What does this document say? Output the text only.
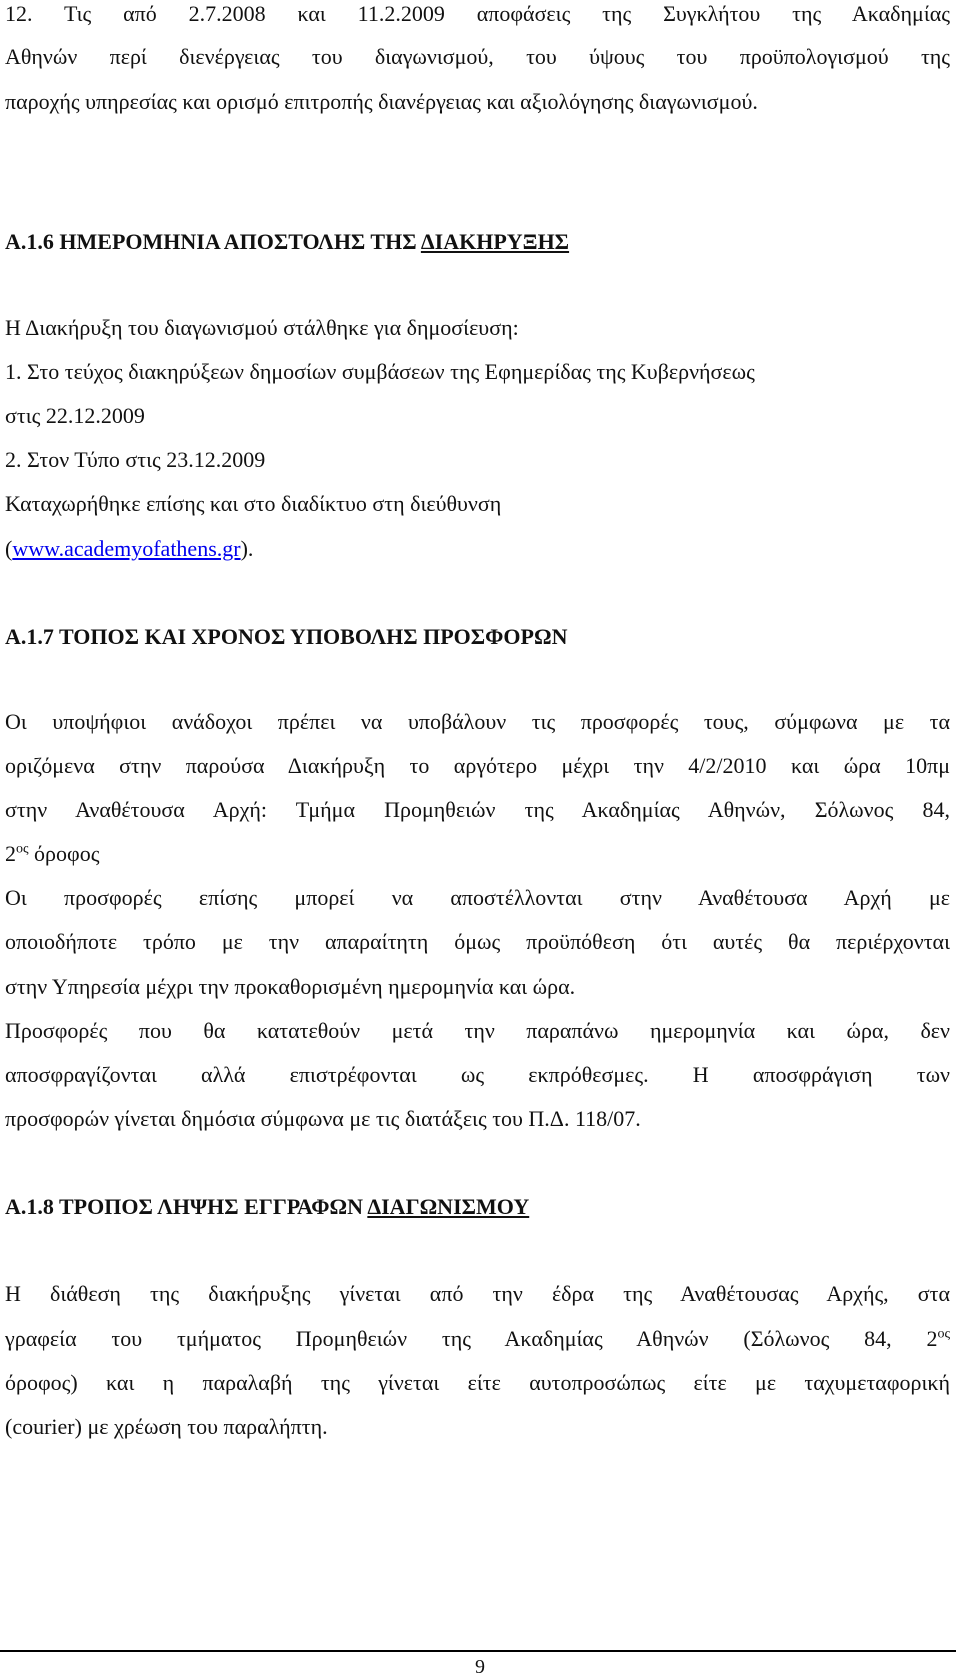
12. Τις από 2.7.2008 και 11.2.2009 αποφάσεις της Συγκλήτου της Ακαδημίας
Αθηνών περί διενέργειας του διαγωνισμού, του ύψους του προϋπολογισμού της
παροχής υπηρεσίας και ορισμό επιτροπής διανέργειας και αξιολόγησης διαγωνισμού.
Α.1.6 ΗΜΕΡΟΜΗΝΙΑ ΑΠΟΣΤΟΛΗΣ ΤΗΣ ΔΙΑΚΗΡΥΞΗΣ
Η Διακήρυξη του διαγωνισμού στάλθηκε για δημοσίευση:
1. Στο τεύχος διακηρύξεων δημοσίων συμβάσεων της Εφημερίδας της Κυβερνήσεως
στις 22.12.2009
2. Στον Τύπο στις 23.12.2009
Καταχωρήθηκε επίσης και στο διαδίκτυο στη διεύθυνση
(www.academyofathens.gr).
Α.1.7 ΤΟΠΟΣ ΚΑΙ ΧΡΟΝΟΣ ΥΠΟΒΟΛΗΣ ΠΡΟΣΦΟΡΩΝ
Οι υποψήφιοι ανάδοχοι πρέπει να υποβάλουν τις προσφορές τους, σύμφωνα με τα
οριζόμενα στην παρούσα Διακήρυξη το αργότερο μέχρι την 4/2/2010 και ώρα 10πμ
στην Αναθέτουσα Αρχή: Τμήμα Προμηθειών της Ακαδημίας Αθηνών, Σόλωνος 84,
$2^{o\varsigma}$ όροφος
Οι προσφορές επίσης μπορεί να αποστέλλονται στην Αναθέτουσα Αρχή με
οποιοδήποτε τρόπο με την απαραίτητη όμως προϋπόθεση ότι αυτές θα περιέρχονται
στην Υπηρεσία μέχρι την προκαθορισμένη ημερομηνία και ώρα.
Προσφορές που θα κατατεθούν μετά την παραπάνω ημερομηνία και ώρα, δεν
αποσφραγίζονται αλλά επιστρέφονται ως εκπρόθεσμες. Η αποσφράγιση των
προσφορών γίνεται δημόσια σύμφωνα με τις διατάξεις του Π.Δ. 118/07.
Α.1.8 ΤΡΟΠΟΣ ΛΗΨΗΣ ΕΓΓΡΑΦΩΝ ΔΙΑΓΩΝΙΣΜΟΥ
Η διάθεση της διακήρυξης γίνεται από την έδρα της Αναθέτουσας Αρχής, στα
γραφεία του τμήματος Προμηθειών της Ακαδημίας Αθηνών (Σόλωνος 84, $2^{o\varsigma}$
όροφος) και η παραλαβή της γίνεται είτε αυτοπροσώπως είτε με ταχυμεταφορική
(courier) με χρέωση του παραλήπτη.
9
